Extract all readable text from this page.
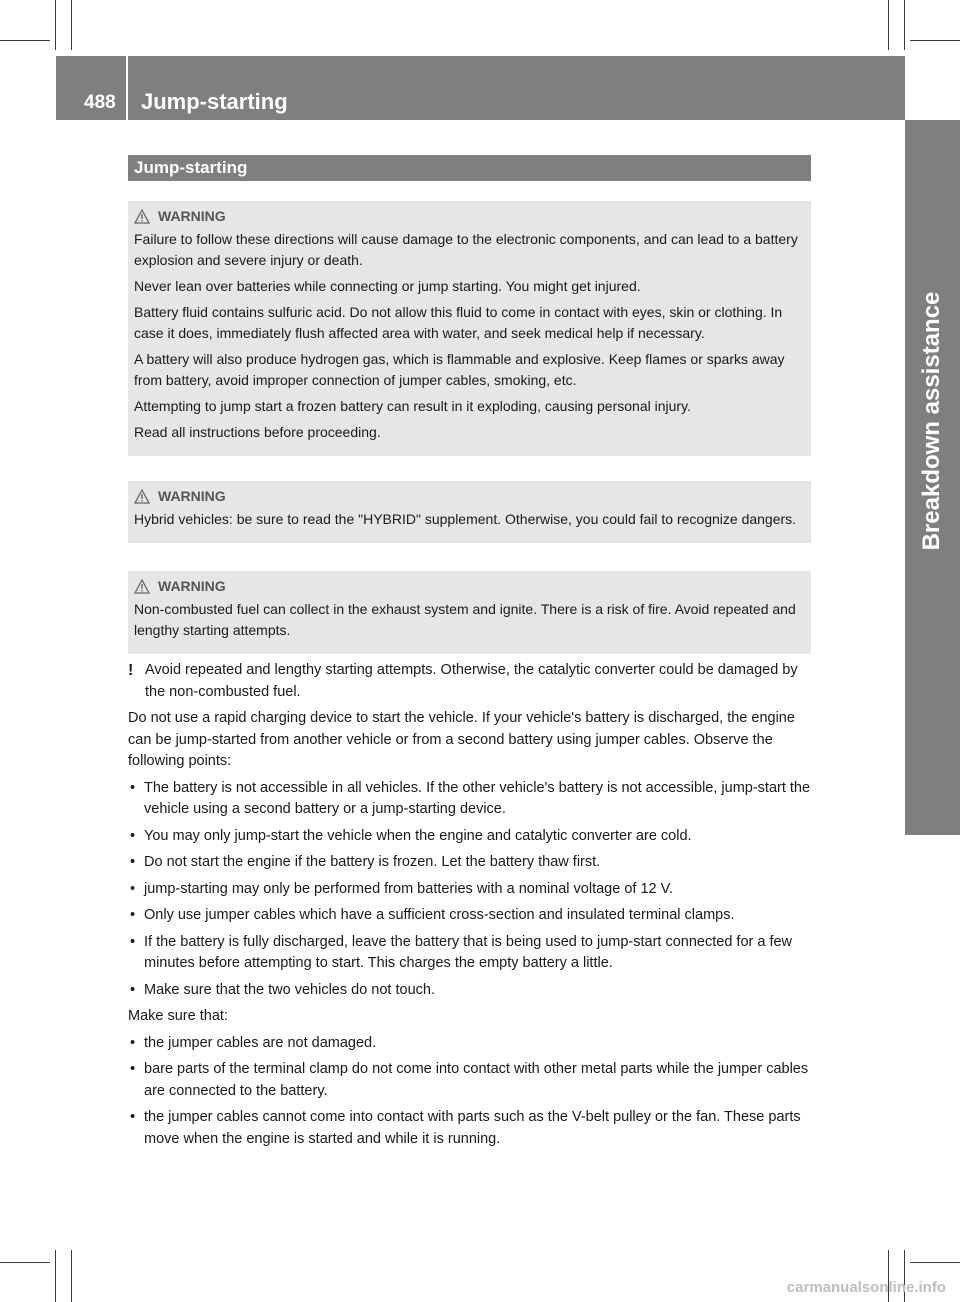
488 Jump-starting
Breakdown assistance
Jump-starting
WARNING

Failure to follow these directions will cause damage to the electronic components, and can lead to a battery explosion and severe injury or death.

Never lean over batteries while connecting or jump starting. You might get injured.

Battery fluid contains sulfuric acid. Do not allow this fluid to come in contact with eyes, skin or clothing. In case it does, immediately flush affected area with water, and seek medical help if necessary.

A battery will also produce hydrogen gas, which is flammable and explosive. Keep flames or sparks away from battery, avoid improper connection of jumper cables, smoking, etc.

Attempting to jump start a frozen battery can result in it exploding, causing personal injury.

Read all instructions before proceeding.

WARNING

Hybrid vehicles: be sure to read the "HYBRID" supplement. Otherwise, you could fail to recognize dangers.

WARNING

Non-combusted fuel can collect in the exhaust system and ignite. There is a risk of fire. Avoid repeated and lengthy starting attempts.

! Avoid repeated and lengthy starting attempts. Otherwise, the catalytic converter could be damaged by the non-combusted fuel.

Do not use a rapid charging device to start the vehicle. If your vehicle's battery is discharged, the engine can be jump-started from another vehicle or from a second battery using jumper cables. Observe the following points:

• The battery is not accessible in all vehicles. If the other vehicle's battery is not accessible, jump-start the vehicle using a second battery or a jump-starting device.
• You may only jump-start the vehicle when the engine and catalytic converter are cold.
• Do not start the engine if the battery is frozen. Let the battery thaw first.
• jump-starting may only be performed from batteries with a nominal voltage of 12 V.
• Only use jumper cables which have a sufficient cross-section and insulated terminal clamps.
• If the battery is fully discharged, leave the battery that is being used to jump-start connected for a few minutes before attempting to start. This charges the empty battery a little.
• Make sure that the two vehicles do not touch.

Make sure that:

• the jumper cables are not damaged.
• bare parts of the terminal clamp do not come into contact with other metal parts while the jumper cables are connected to the battery.
• the jumper cables cannot come into contact with parts such as the V-belt pulley or the fan. These parts move when the engine is started and while it is running.
carmanualsonline.info
